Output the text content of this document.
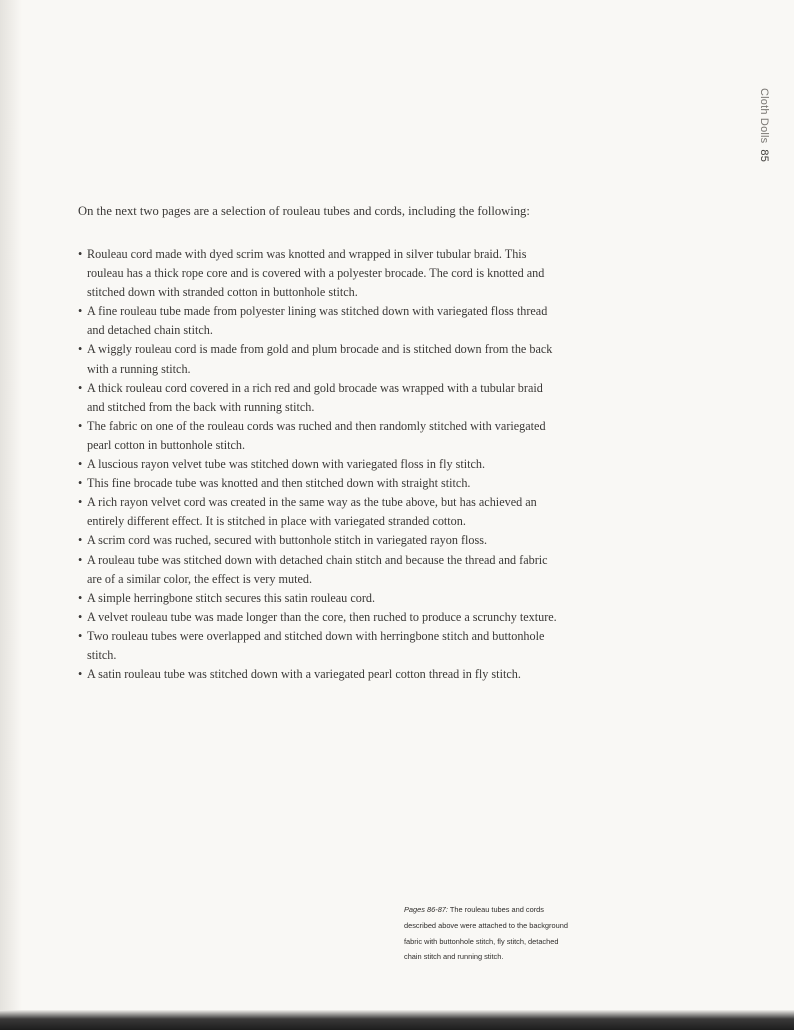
Cloth Dolls85

On the next two pages are a selection of rouleau tubes and cords, including the following:

• Rouleau cord made with dyed scrim was knotted and wrapped in silver tubular braid. This rouleau has a thick rope core and is covered with a polyester brocade. The cord is knotted and stitched down with stranded cotton in buttonhole stitch.
• A fine rouleau tube made from polyester lining was stitched down with variegated floss thread and detached chain stitch.
• A wiggly rouleau cord is made from gold and plum brocade and is stitched down from the back with a running stitch.
• A thick rouleau cord covered in a rich red and gold brocade was wrapped with a tubular braid and stitched from the back with running stitch.
• The fabric on one of the rouleau cords was ruched and then randomly stitched with variegated pearl cotton in buttonhole stitch.
• A luscious rayon velvet tube was stitched down with variegated floss in fly stitch.
• This fine brocade tube was knotted and then stitched down with straight stitch.
• A rich rayon velvet cord was created in the same way as the tube above, but has achieved an entirely different effect. It is stitched in place with variegated stranded cotton.
• A scrim cord was ruched, secured with buttonhole stitch in variegated rayon floss.
• A rouleau tube was stitched down with detached chain stitch and because the thread and fabric are of a similar color, the effect is very muted.
• A simple herringbone stitch secures this satin rouleau cord.
• A velvet rouleau tube was made longer than the core, then ruched to produce a scrunchy texture.
• Two rouleau tubes were overlapped and stitched down with herringbone stitch and buttonhole stitch.
• A satin rouleau tube was stitched down with a variegated pearl cotton thread in fly stitch.

Pages 86-87: The rouleau tubes and cords described above were attached to the background fabric with buttonhole stitch, fly stitch, detached chain stitch and running stitch.
